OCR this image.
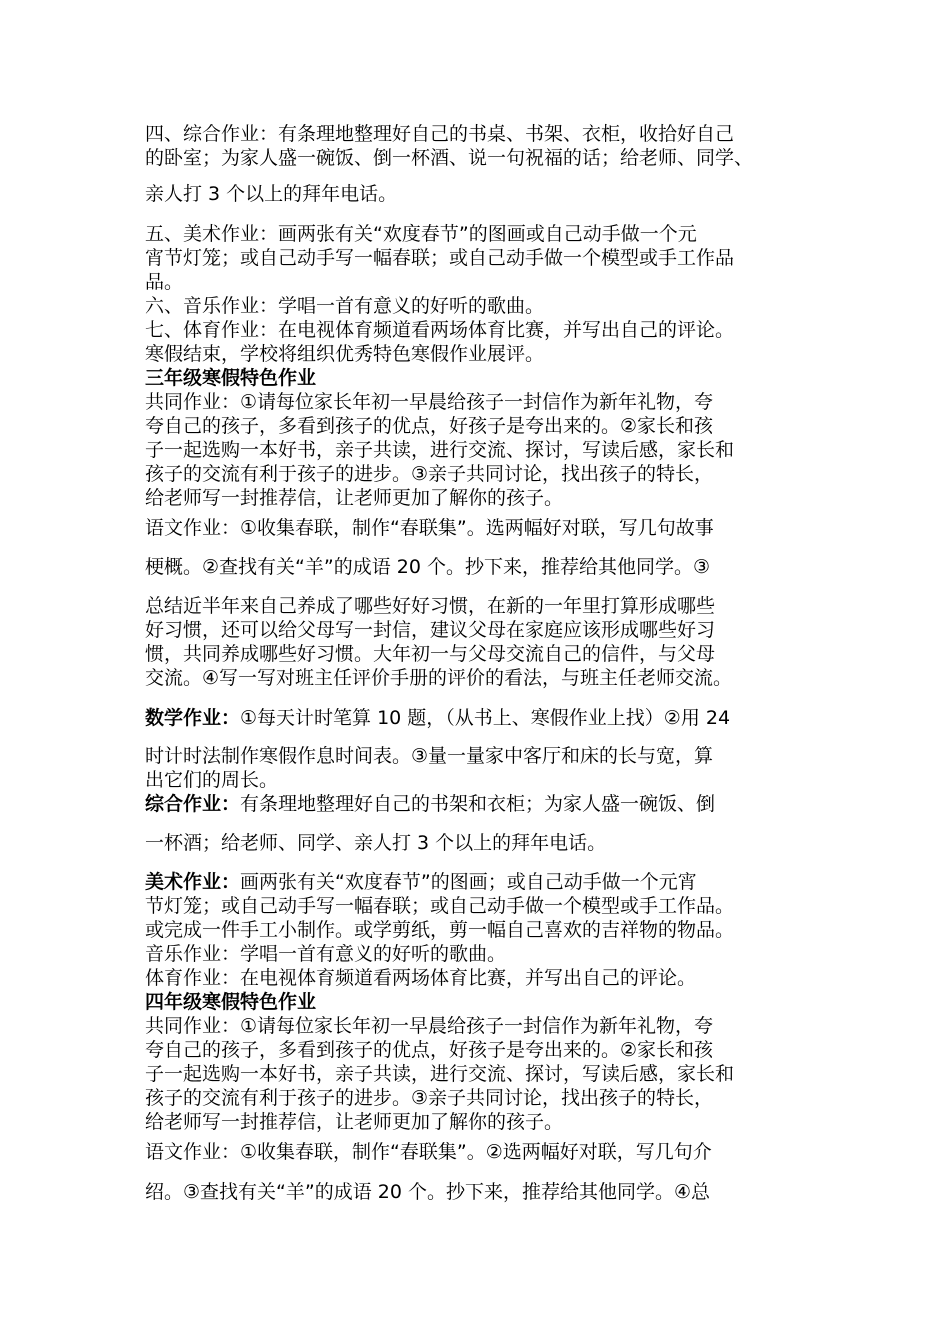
四、综合作业：有条理地整理好自己的书桌、书架、衣柜，收拾好自己

的卧室；为家人盛一碗饭、倒一杯酒、说一句祝福的话；给老师、同学、

亲人打 3 个以上的拜年电话。

五、美术作业：画两张有关“欢度春节”的图画或自己动手做一个元

宵节灯笼；或自己动手写一幅春联；或自己动手做一个模型或手工作品

品。

六、音乐作业：学唱一首有意义的好听的歌曲。

七、体育作业：在电视体育频道看两场体育比赛，并写出自己的评论。

寒假结束，学校将组织优秀特色寒假作业展评。

三年级寒假特色作业

共同作业：①请每位家长年初一早晨给孩子一封信作为新年礼物，夸

夸自己的孩子，多看到孩子的优点，好孩子是夸出来的。②家长和孩

子一起选购一本好书，亲子共读，进行交流、探讨，写读后感，家长和

孩子的交流有利于孩子的进步。③亲子共同讨论，找出孩子的特长，

给老师写一封推荐信，让老师更加了解你的孩子。

语文作业：①收集春联，制作“春联集”。选两幅好对联，写几句故事

梗概。②查找有关“羊”的成语 20 个。抄下来，推荐给其他同学。③

总结近半年来自己养成了哪些好好习惯，在新的一年里打算形成哪些

好习惯，还可以给父母写一封信，建议父母在家庭应该形成哪些好习

惯，共同养成哪些好习惯。大年初一与父母交流自己的信件，与父母

交流。④写一写对班主任评价手册的评价的看法，与班主任老师交流。

数学作业：①每天计时笔算 10 题，（从书上、寒假作业上找）②用 24

时计时法制作寒假作息时间表。③量一量家中客厅和床的长与宽，算

出它们的周长。

综合作业：有条理地整理好自己的书架和衣柜；为家人盛一碗饭、倒

一杯酒；给老师、同学、亲人打 3 个以上的拜年电话。

美术作业：画两张有关“欢度春节”的图画；或自己动手做一个元宵

节灯笼；或自己动手写一幅春联；或自己动手做一个模型或手工作品。

或完成一件手工小制作。或学剪纸，剪一幅自己喜欢的吉祥物的物品。

音乐作业：学唱一首有意义的好听的歌曲。

体育作业：在电视体育频道看两场体育比赛，并写出自己的评论。

四年级寒假特色作业

共同作业：①请每位家长年初一早晨给孩子一封信作为新年礼物，夸

夸自己的孩子，多看到孩子的优点，好孩子是夸出来的。②家长和孩

子一起选购一本好书，亲子共读，进行交流、探讨，写读后感，家长和

孩子的交流有利于孩子的进步。③亲子共同讨论，找出孩子的特长，

给老师写一封推荐信，让老师更加了解你的孩子。

语文作业：①收集春联，制作“春联集”。②选两幅好对联，写几句介

绍。③查找有关“羊”的成语 20 个。抄下来，推荐给其他同学。④总
